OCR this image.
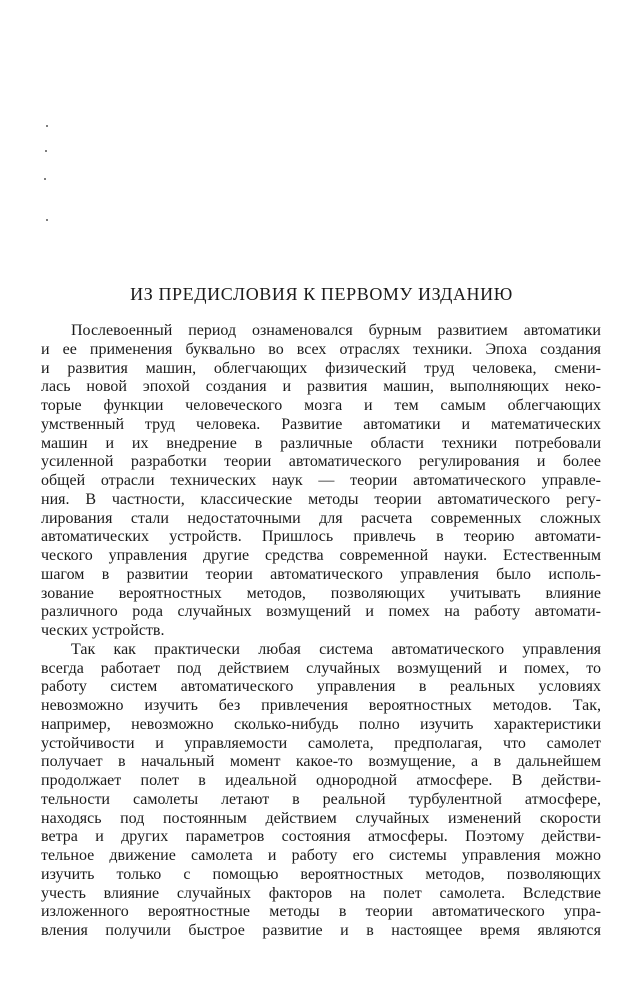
ИЗ ПРЕДИСЛОВИЯ К ПЕРВОМУ ИЗДАНИЮ
Послевоенный период ознаменовался бурным развитием автоматики
и ее применения буквально во всех отраслях техники. Эпоха создания
и развития машин, облегчающих физический труд человека, смени-
лась новой эпохой создания и развития машин, выполняющих неко-
торые функции человеческого мозга и тем самым облегчающих
умственный труд человека. Развитие автоматики и математических
машин и их внедрение в различные области техники потребовали
усиленной разработки теории автоматического регулирования и более
общей отрасли технических наук — теории автоматического управле-
ния. В частности, классические методы теории автоматического регу-
лирования стали недостаточными для расчета современных сложных
автоматических устройств. Пришлось привлечь в теорию автомати-
ческого управления другие средства современной науки. Естественным
шагом в развитии теории автоматического управления было исполь-
зование вероятностных методов, позволяющих учитывать влияние
различного рода случайных возмущений и помех на работу автомати-
ческих устройств.
Так как практически любая система автоматического управления
всегда работает под действием случайных возмущений и помех, то
работу систем автоматического управления в реальных условиях
невозможно изучить без привлечения вероятностных методов. Так,
например, невозможно сколько-нибудь полно изучить характеристики
устойчивости и управляемости самолета, предполагая, что самолет
получает в начальный момент какое-то возмущение, а в дальнейшем
продолжает полет в идеальной однородной атмосфере. В действи-
тельности самолеты летают в реальной турбулентной атмосфере,
находясь под постоянным действием случайных изменений скорости
ветра и других параметров состояния атмосферы. Поэтому действи-
тельное движение самолета и работу его системы управления можно
изучить только с помощью вероятностных методов, позволяющих
учесть влияние случайных факторов на полет самолета. Вследствие
изложенного вероятностные методы в теории автоматического упра-
вления получили быстрое развитие и в настоящее время являются
